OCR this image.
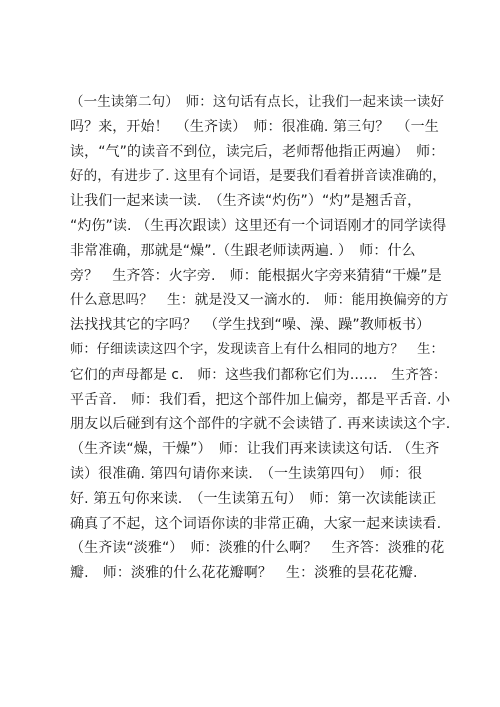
（一生读第二句）　师：这句话有点长，让我们一起来读一读好
吗？来，开始！　（生齐读）　师：很准确. 第三句？　（一生
读，“气”的读音不到位，读完后，老师帮他指正两遍）　师：
好的，有进步了. 这里有个词语，是要我们看着拼音读准确的，
让我们一起来读一读.　（生齐读“灼伤”）“灼”是翘舌音，
“灼伤”读. （生再次跟读）这里还有一个词语刚才的同学读得
非常准确，那就是“燥”.（生跟老师读两遍. ）　师：什么
旁？　生齐答：火字旁.　师：能根据火字旁来猜猜“干燥”是
什么意思吗？　生：就是没又一滴水的.　师：能用换偏旁的方
法找找其它的字吗？　（学生找到“噪、澡、躁”教师板书）
师：仔细读读这四个字，发现读音上有什么相同的地方？　生：
它们的声母都是 c.　师：这些我们都称它们为……　生齐答：
平舌音.　师：我们看，把这个部件加上偏旁，都是平舌音. 小
朋友以后碰到有这个部件的字就不会读错了. 再来读读这个字.
（生齐读“燥，干燥”）　师：让我们再来读读这句话. （生齐
读）很准确. 第四句请你来读.　（一生读第四句）　师：很
好. 第五句你来读.　（一生读第五句）　师：第一次读能读正
确真了不起，这个词语你读的非常正确，大家一起来读读看.
（生齐读“淡雅“）　师：淡雅的什么啊？　生齐答：淡雅的花
瓣.　师：淡雅的什么花花瓣啊？　生：淡雅的昙花花瓣.
